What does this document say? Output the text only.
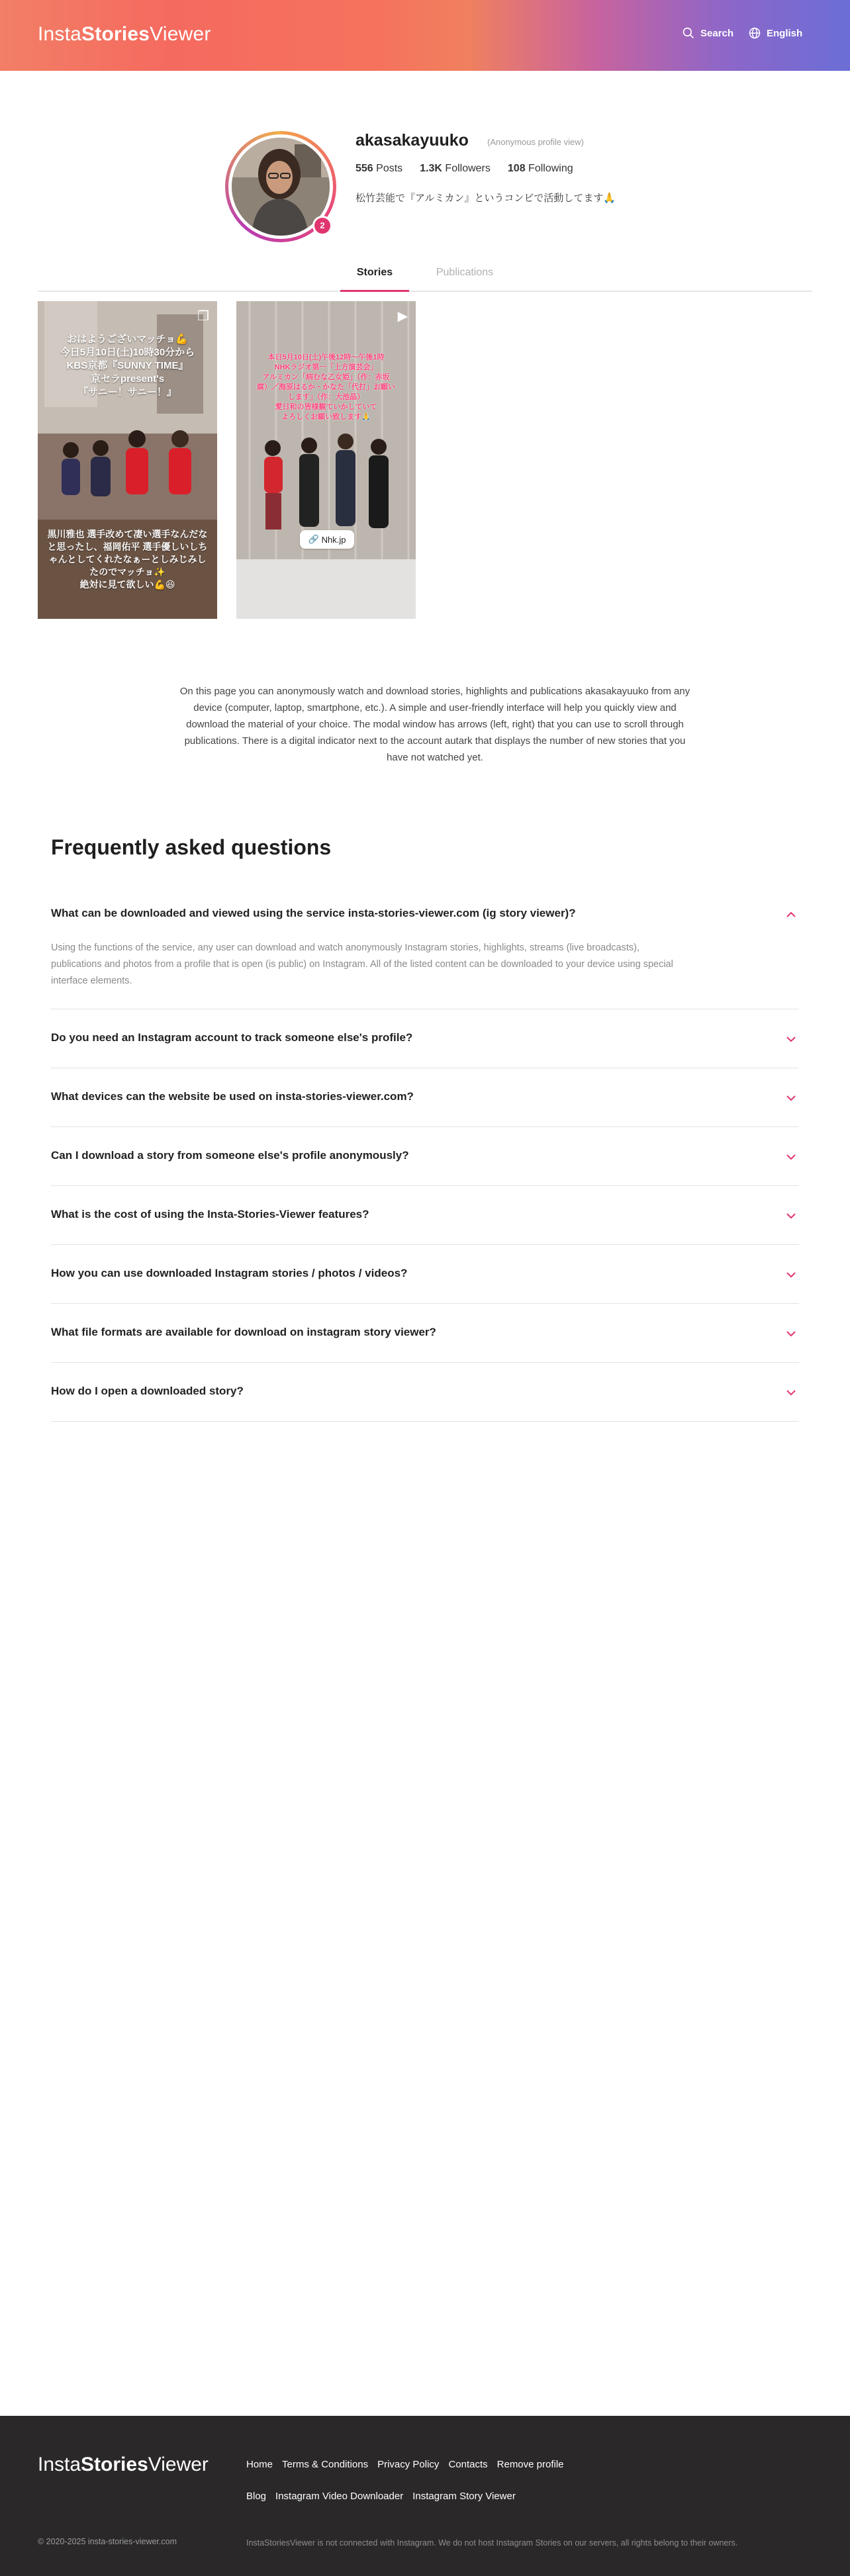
InstaStoriesViewer	Search	English
2
akasakayuuko (Anonymous profile view)
556 Posts 1.3K Followers 108 Following
松竹芸能で『アルミカン』というコンビで活動してます🙏
Stories	Publications
❐
おはようございマッチョ💪
今日5月10日(土)10時30分から
KBS京都『SUNNY TIME』
京セラpresent's
『サニー！サニー！』
黒川雅也 選手改めて凄い選手なんだなと思ったし、福岡佑平 選手優しいしちゃんとしてくれたなぁーとしみじみしたのでマッチョ✨
絶対に見て欲しい💪😆
▶
本日5月10日(土)午後12時〜午後1時
NHKラジオ第一「上方演芸会」
アルミカン「病むな乙女姫」（作：赤坂
腐）／海原はるか・かなた「代打」お願い
します」（作：大池晶）
愛日和の皆様観ていかしていて
よろしくお願い致します🙏
🔗 Nhk.jp
On this page you can anonymously watch and download stories, highlights and publications akasakayuuko from any device (computer, laptop, smartphone, etc.). A simple and user-friendly interface will help you quickly view and download the material of your choice. The modal window has arrows (left, right) that you can use to scroll through publications. There is a digital indicator next to the account autark that displays the number of new stories that you have not watched yet.
Frequently asked questions
What can be downloaded and viewed using the service insta-stories-viewer.com (ig story viewer)?
Using the functions of the service, any user can download and watch anonymously Instagram stories, highlights, streams (live broadcasts), publications and photos from a profile that is open (is public) on Instagram. All of the listed content can be downloaded to your device using special interface elements.
Do you need an Instagram account to track someone else's profile?
What devices can the website be used on insta-stories-viewer.com?
Can I download a story from someone else's profile anonymously?
What is the cost of using the Insta-Stories-Viewer features?
How you can use downloaded Instagram stories / photos / videos?
What file formats are available for download on instagram story viewer?
How do I open a downloaded story?
InstaStoriesViewer	Home Terms & Conditions Privacy Policy Contacts Remove profile
Blog Instagram Video Downloader Instagram Story Viewer
© 2020-2025 insta-stories-viewer.com	InstaStoriesViewer is not connected with Instagram. We do not host Instagram Stories on our servers, all rights belong to their owners.
